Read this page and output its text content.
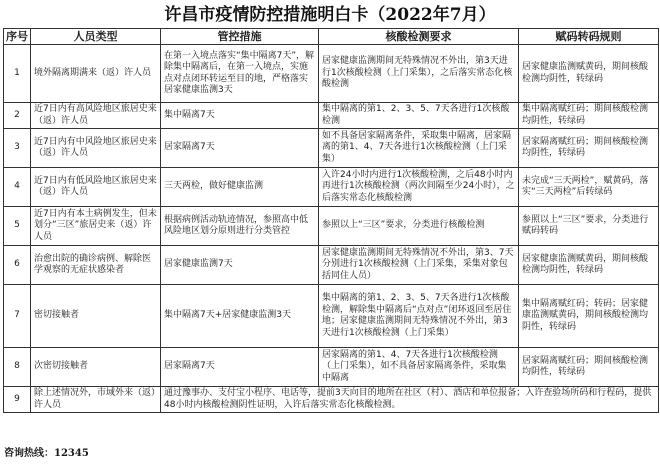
许昌市疫情防控措施明白卡（2022年7月）
序号	人员类型	管控措施	核酸检测要求	赋码转码规则
1	境外隔离期满来（返）许人员	在第一入境点落实“集中隔离7天”，解除集中隔离后，在第一入境点，实施点对点闭环转运至目的地，严格落实居家健康监测3天	居家健康监测期间无特殊情况不外出，第3天进行1次核酸检测（上门采集），之后落实常态化核酸检测	居家健康监测赋黄码，期间核酸检测均阴性，转绿码
2	近7日内有高风险地区旅居史来（返）许人员	集中隔离7天	集中隔离的第1、2、3、5、7天各进行1次核酸检测	集中隔离赋红码；期间核酸检测均阴性，转绿码
3	近7日内有中风险地区旅居史来（返）许人员	居家隔离7天	如不具备居家隔离条件，采取集中隔离，居家隔离的第1、4、7天各进行1次核酸检测（上门采集）	居家隔离赋红码；期间核酸检测均阴性，转绿码
4	近7日内有低风险地区旅居史来（返）许人员	三天两检，做好健康监测	入许24小时内进行1次核酸检测，之后48小时内再进行1次核酸检测（两次间隔至少24小时），之后落实常态化核酸检测	未完成“三天两检”，赋黄码，落实“三天两检”后转绿码
5	近7日内有本土病例发生，但未划分“三区”旅居史来（返）许人员	根据病例活动轨迹情况，参照高中低风险地区划分原则进行分类管控	参照以上“三区”要求，分类进行核酸检测	参照以上“三区”要求，分类进行赋码转码
6	治愈出院的确诊病例、解除医学观察的无症状感染者	居家健康监测7天	居家健康监测期间无特殊情况不外出，第3、7天分别进行1次核酸检测（上门采集，采集对象包括同住人员）	居家健康监测赋黄码，期间核酸检测均阴性，转绿码
7	密切接触者	集中隔离7天+居家健康监测3天	集中隔离的第1、2、3、5、7天各进行1次核酸检测，解除集中隔离后“点对点”闭环返回至居住地；居家健康监测期间无特殊情况不外出，第3天进行1次核酸检测（上门采集）	集中隔离赋红码；转码；居家健康监测赋黄码，期间核酸检测均阴性，转绿码
8	次密切接触者	居家隔离7天	居家隔离的第1、4、7天各进行1次核酸检测（上门采集），如不具备居家隔离条件，采取集中隔离	居家隔离赋红码；期间核酸检测均阴性，转绿码
9	除上述情况外，市域外来（返）许人员	通过豫事办、支付宝小程序、电话等，提前3天向目的地所在社区（村）、酒店和单位报备；入许查验场所码和行程码，提供48小时内核酸检测阴性证明，入许后落实常态化核酸检测。		
咨询热线：12345
